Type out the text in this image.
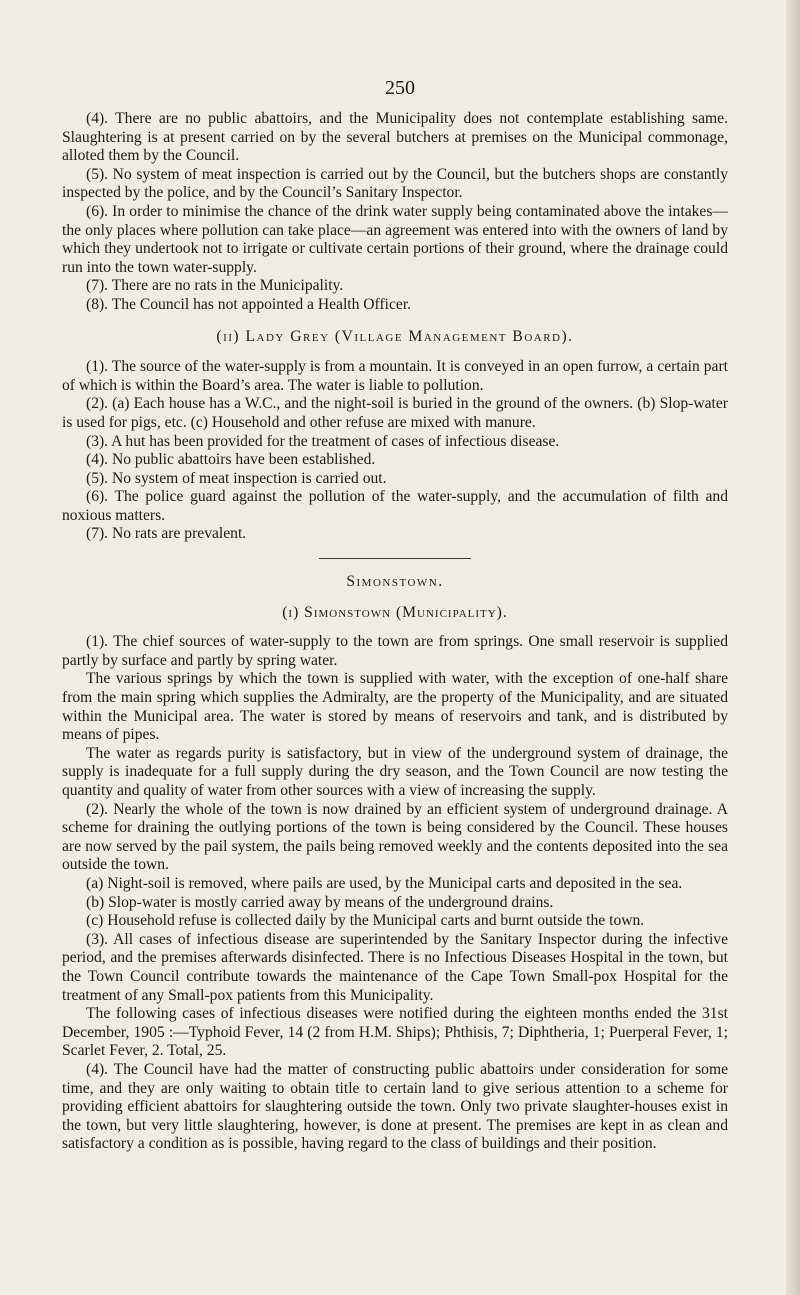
250

(4). There are no public abattoirs, and the Municipality does not contemplate establishing same. Slaughtering is at present carried on by the several butchers at premises on the Municipal commonage, alloted them by the Council.

(5). No system of meat inspection is carried out by the Council, but the butchers shops are constantly inspected by the police, and by the Council’s Sanitary Inspector.

(6). In order to minimise the chance of the drink water supply being contaminated above the intakes—the only places where pollution can take place—an agreement was entered into with the owners of land by which they undertook not to irrigate or cultivate certain portions of their ground, where the drainage could run into the town water-supply.

(7). There are no rats in the Municipality.

(8). The Council has not appointed a Health Officer.

(ii) Lady Grey (Village Management Board).

(1). The source of the water-supply is from a mountain. It is conveyed in an open furrow, a certain part of which is within the Board’s area. The water is liable to pollution.

(2). (a) Each house has a W.C., and the night-soil is buried in the ground of the owners. (b) Slop-water is used for pigs, etc. (c) Household and other refuse are mixed with manure.

(3). A hut has been provided for the treatment of cases of infectious disease.

(4). No public abattoirs have been established.

(5). No system of meat inspection is carried out.

(6). The police guard against the pollution of the water-supply, and the accumulation of filth and noxious matters.

(7). No rats are prevalent.

Simonstown.

(i) Simonstown (Municipality).

(1). The chief sources of water-supply to the town are from springs. One small reservoir is supplied partly by surface and partly by spring water.

The various springs by which the town is supplied with water, with the exception of one-half share from the main spring which supplies the Admiralty, are the property of the Municipality, and are situated within the Municipal area. The water is stored by means of reservoirs and tank, and is distributed by means of pipes.

The water as regards purity is satisfactory, but in view of the underground system of drainage, the supply is inadequate for a full supply during the dry season, and the Town Council are now testing the quantity and quality of water from other sources with a view of increasing the supply.

(2). Nearly the whole of the town is now drained by an efficient system of underground drainage. A scheme for draining the outlying portions of the town is being considered by the Council. These houses are now served by the pail system, the pails being removed weekly and the contents deposited into the sea outside the town.

(a) Night-soil is removed, where pails are used, by the Municipal carts and deposited in the sea.

(b) Slop-water is mostly carried away by means of the underground drains.

(c) Household refuse is collected daily by the Municipal carts and burnt outside the town.

(3). All cases of infectious disease are superintended by the Sanitary Inspector during the infective period, and the premises afterwards disinfected. There is no Infectious Diseases Hospital in the town, but the Town Council contribute towards the maintenance of the Cape Town Small-pox Hospital for the treatment of any Small-pox patients from this Municipality.

The following cases of infectious diseases were notified during the eighteen months ended the 31st December, 1905 :—Typhoid Fever, 14 (2 from H.M. Ships); Phthisis, 7; Diphtheria, 1; Puerperal Fever, 1; Scarlet Fever, 2. Total, 25.

(4). The Council have had the matter of constructing public abattoirs under consideration for some time, and they are only waiting to obtain title to certain land to give serious attention to a scheme for providing efficient abattoirs for slaughtering outside the town. Only two private slaughter-houses exist in the town, but very little slaughtering, however, is done at present. The premises are kept in as clean and satisfactory a condition as is possible, having regard to the class of buildings and their position.
